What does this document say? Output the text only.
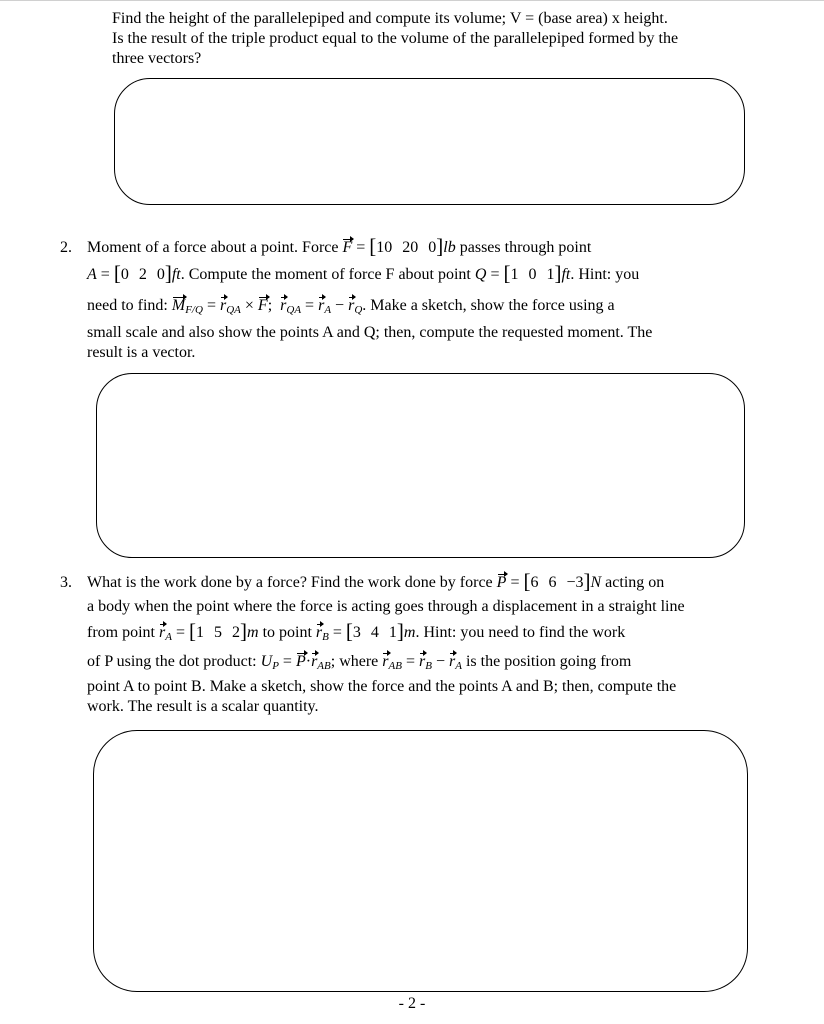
Find the height of the parallelepiped and compute its volume; V = (base area) x height.
Is the result of the triple product equal to the volume of the parallelepiped formed by the
three vectors?
2. Moment of a force about a point. Force F = [10 20 0]lb passes through point
A = [0 2 0]ft. Compute the moment of force F about point Q = [1 0 1]ft. Hint: you
need to find: $M_{F/Q} = r_{QA} \times F$;  $r_{QA} = r_A - r_Q$. Make a sketch, show the force using a
small scale and also show the points A and Q; then, compute the requested moment. The
result is a vector.
3. What is the work done by a force? Find the work done by force P = [6 6 −3]N acting on
a body when the point where the force is acting goes through a displacement in a straight line
from point $r_A = [1$ 5 2]m to point $r_B = [3$ 4 1]m. Hint: you need to find the work
of P using the dot product: $U_P = P\cdot r_{AB}$; where $r_{AB} = r_B - r_A$ is the position going from
point A to point B. Make a sketch, show the force and the points A and B; then, compute the
work. The result is a scalar quantity.
- 2 -
